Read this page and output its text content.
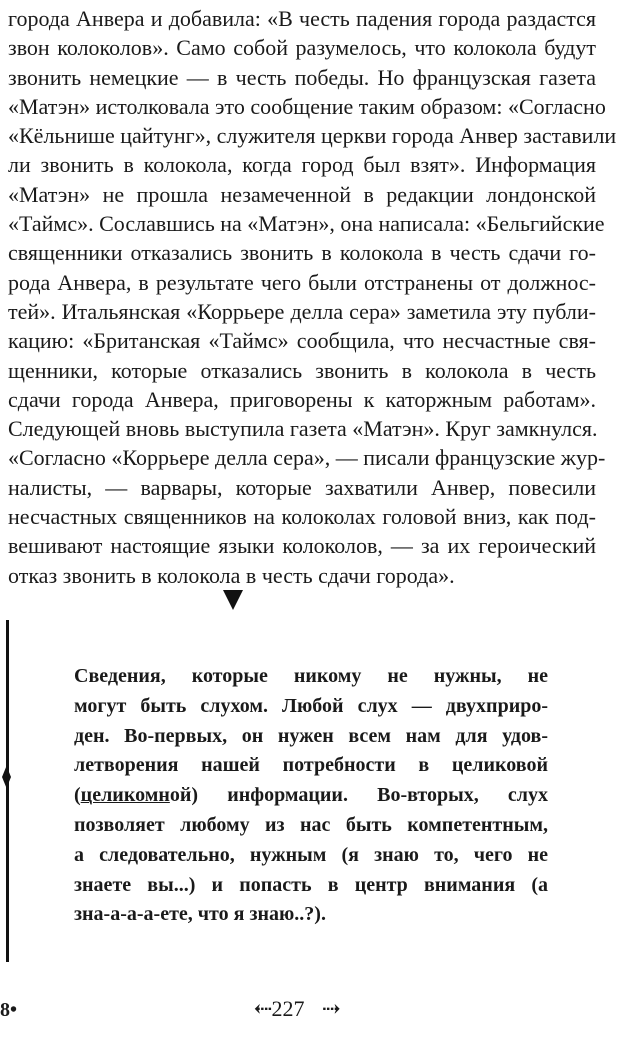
города Анвера и добавила: «В честь падения города раздастся
звон колоколов». Само собой разумелось, что колокола будут
звонить немецкие — в честь победы. Но французская газета
«Матэн» истолковала это сообщение таким образом: «Согласно
«Кёльнише цайтунг», служителя церкви города Анвер заставили
ли звонить в колокола, когда город был взят». Информация
«Матэн» не прошла незамеченной в редакции лондонской
«Таймс». Сославшись на «Матэн», она написала: «Бельгийские
священники отказались звонить в колокола в честь сдачи го-
рода Анвера, в результате чего были отстранены от должнос-
тей». Итальянская «Коррьере делла сера» заметила эту публи-
кацию: «Британская «Таймс» сообщила, что несчастные свя-
щенники, которые отказались звонить в колокола в честь
сдачи города Анвера, приговорены к каторжным работам».
Следующей вновь выступила газета «Матэн». Круг замкнулся.
«Согласно «Коррьере делла сера», — писали французские жур-
налисты, — варвары, которые захватили Анвер, повесили
несчастных священников на колоколах головой вниз, как под-
вешивают настоящие языки колоколов, — за их героический
отказ звонить в колокола в честь сдачи города».
Сведения, которые никому не нужны, не
могут быть слухом. Любой слух — двухприро-
ден. Во-первых, он нужен всем нам для удов-
летворения нашей потребности в целиковой
(целикомной) информации. Во-вторых, слух
позволяет любому из нас быть компетентным,
а следовательно, нужным (я знаю то, чего не
знаете вы...) и попасть в центр внимания (а
зна-а-а-а-ете, что я знаю..?).
8•	⇠ 227 ⇢
